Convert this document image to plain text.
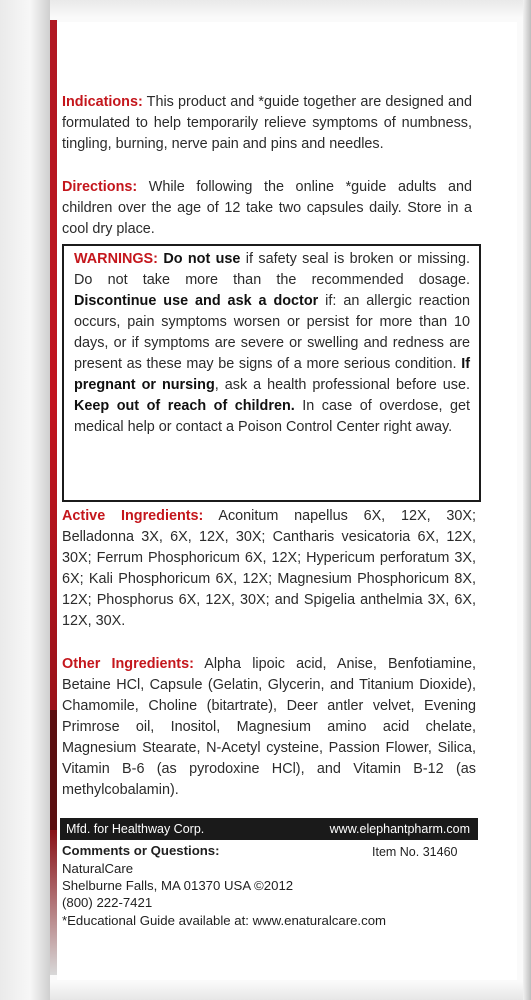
Indications: This product and *guide together are designed and formulated to help temporarily relieve symptoms of numbness, tingling, burning, nerve pain and pins and needles.
Directions: While following the online *guide adults and children over the age of 12 take two capsules daily. Store in a cool dry place.
WARNINGS: Do not use if safety seal is broken or missing. Do not take more than the recommended dosage. Discontinue use and ask a doctor if: an allergic reaction occurs, pain symptoms worsen or persist for more than 10 days, or if symptoms are severe or swelling and redness are present as these may be signs of a more serious condition. If pregnant or nursing, ask a health professional before use. Keep out of reach of children. In case of overdose, get medical help or contact a Poison Control Center right away.
Active Ingredients: Aconitum napellus 6X, 12X, 30X; Belladonna 3X, 6X, 12X, 30X; Cantharis vesicatoria 6X, 12X, 30X; Ferrum Phosphoricum 6X, 12X; Hypericum perforatum 3X, 6X; Kali Phosphoricum 6X, 12X; Magnesium Phosphoricum 8X, 12X; Phosphorus 6X, 12X, 30X; and Spigelia anthelmia 3X, 6X, 12X, 30X.
Other Ingredients: Alpha lipoic acid, Anise, Benfotiamine, Betaine HCl, Capsule (Gelatin, Glycerin, and Titanium Dioxide), Chamomile, Choline (bitartrate), Deer antler velvet, Evening Primrose oil, Inositol, Magnesium amino acid chelate, Magnesium Stearate, N-Acetyl cysteine, Passion Flower, Silica, Vitamin B-6 (as pyrodoxine HCl), and Vitamin B-12 (as methylcobalamin).
Mfd. for Healthway Corp.	www.elephantpharm.com
Comments or Questions:	Item No. 31460
NaturalCare
Shelburne Falls, MA 01370 USA ©2012
(800) 222-7421
*Educational Guide available at: www.enaturalcare.com
